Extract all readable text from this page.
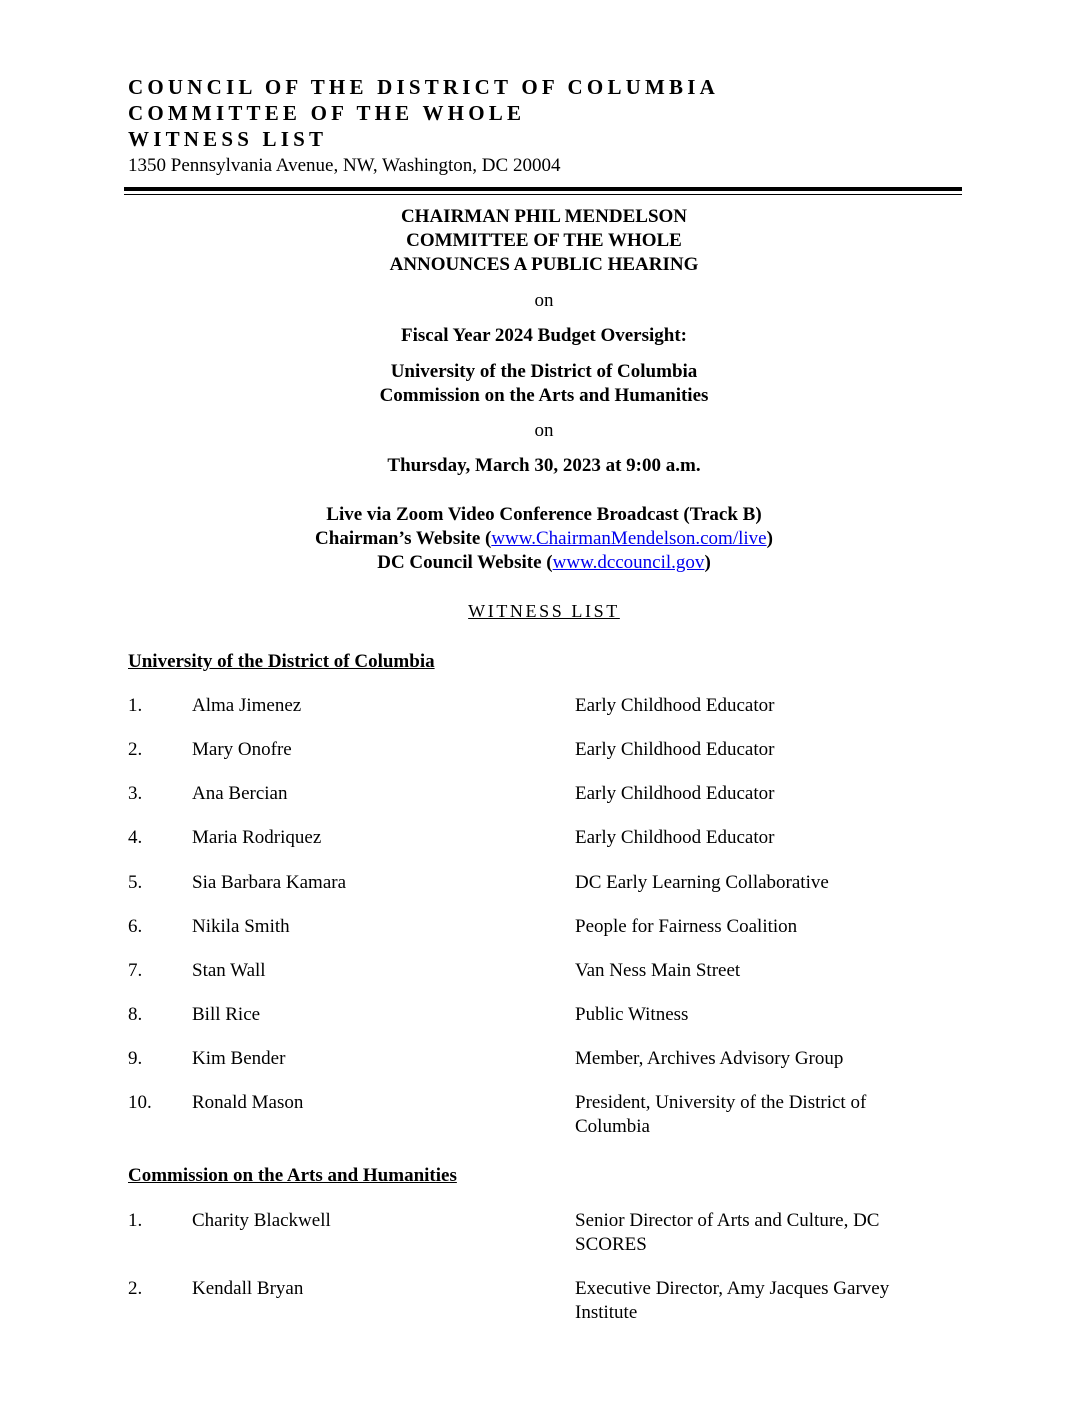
COUNCIL OF THE DISTRICT OF COLUMBIA
COMMITTEE OF THE WHOLE
WITNESS LIST
1350 Pennsylvania Avenue, NW, Washington, DC 20004
CHAIRMAN PHIL MENDELSON
COMMITTEE OF THE WHOLE
ANNOUNCES A PUBLIC HEARING
on
Fiscal Year 2024 Budget Oversight:
University of the District of Columbia
Commission on the Arts and Humanities
on
Thursday, March 30, 2023 at 9:00 a.m.
Live via Zoom Video Conference Broadcast (Track B)
Chairman’s Website (www.ChairmanMendelson.com/live)
DC Council Website (www.dccouncil.gov)
WITNESS LIST
University of the District of Columbia
1.	Alma Jimenez	Early Childhood Educator
2.	Mary Onofre	Early Childhood Educator
3.	Ana Bercian	Early Childhood Educator
4.	Maria Rodriquez	Early Childhood Educator
5.	Sia Barbara Kamara	DC Early Learning Collaborative
6.	Nikila Smith	People for Fairness Coalition
7.	Stan Wall	Van Ness Main Street
8.	Bill Rice	Public Witness
9.	Kim Bender	Member, Archives Advisory Group
10. Ronald Mason	President, University of the District of Columbia
Commission on the Arts and Humanities
1.	Charity Blackwell	Senior Director of Arts and Culture, DC SCORES
2.	Kendall Bryan	Executive Director, Amy Jacques Garvey Institute
